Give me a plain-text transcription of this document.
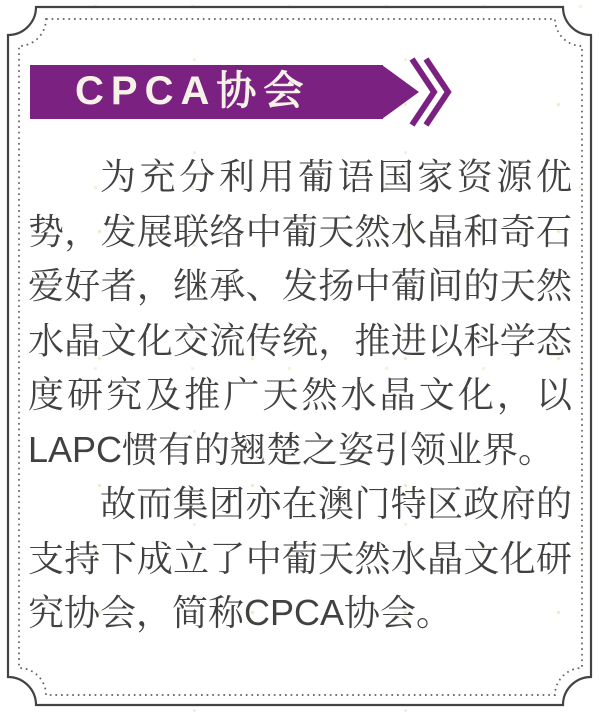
CPCA协会

为充分利用葡语国家资源优势，发展联络中葡天然水晶和奇石爱好者，继承、发扬中葡间的天然水晶文化交流传统，推进以科学态度研究及推广天然水晶文化，以LAPC惯有的翘楚之姿引领业界。

故而集团亦在澳门特区政府的支持下成立了中葡天然水晶文化研究协会，简称CPCA协会。
